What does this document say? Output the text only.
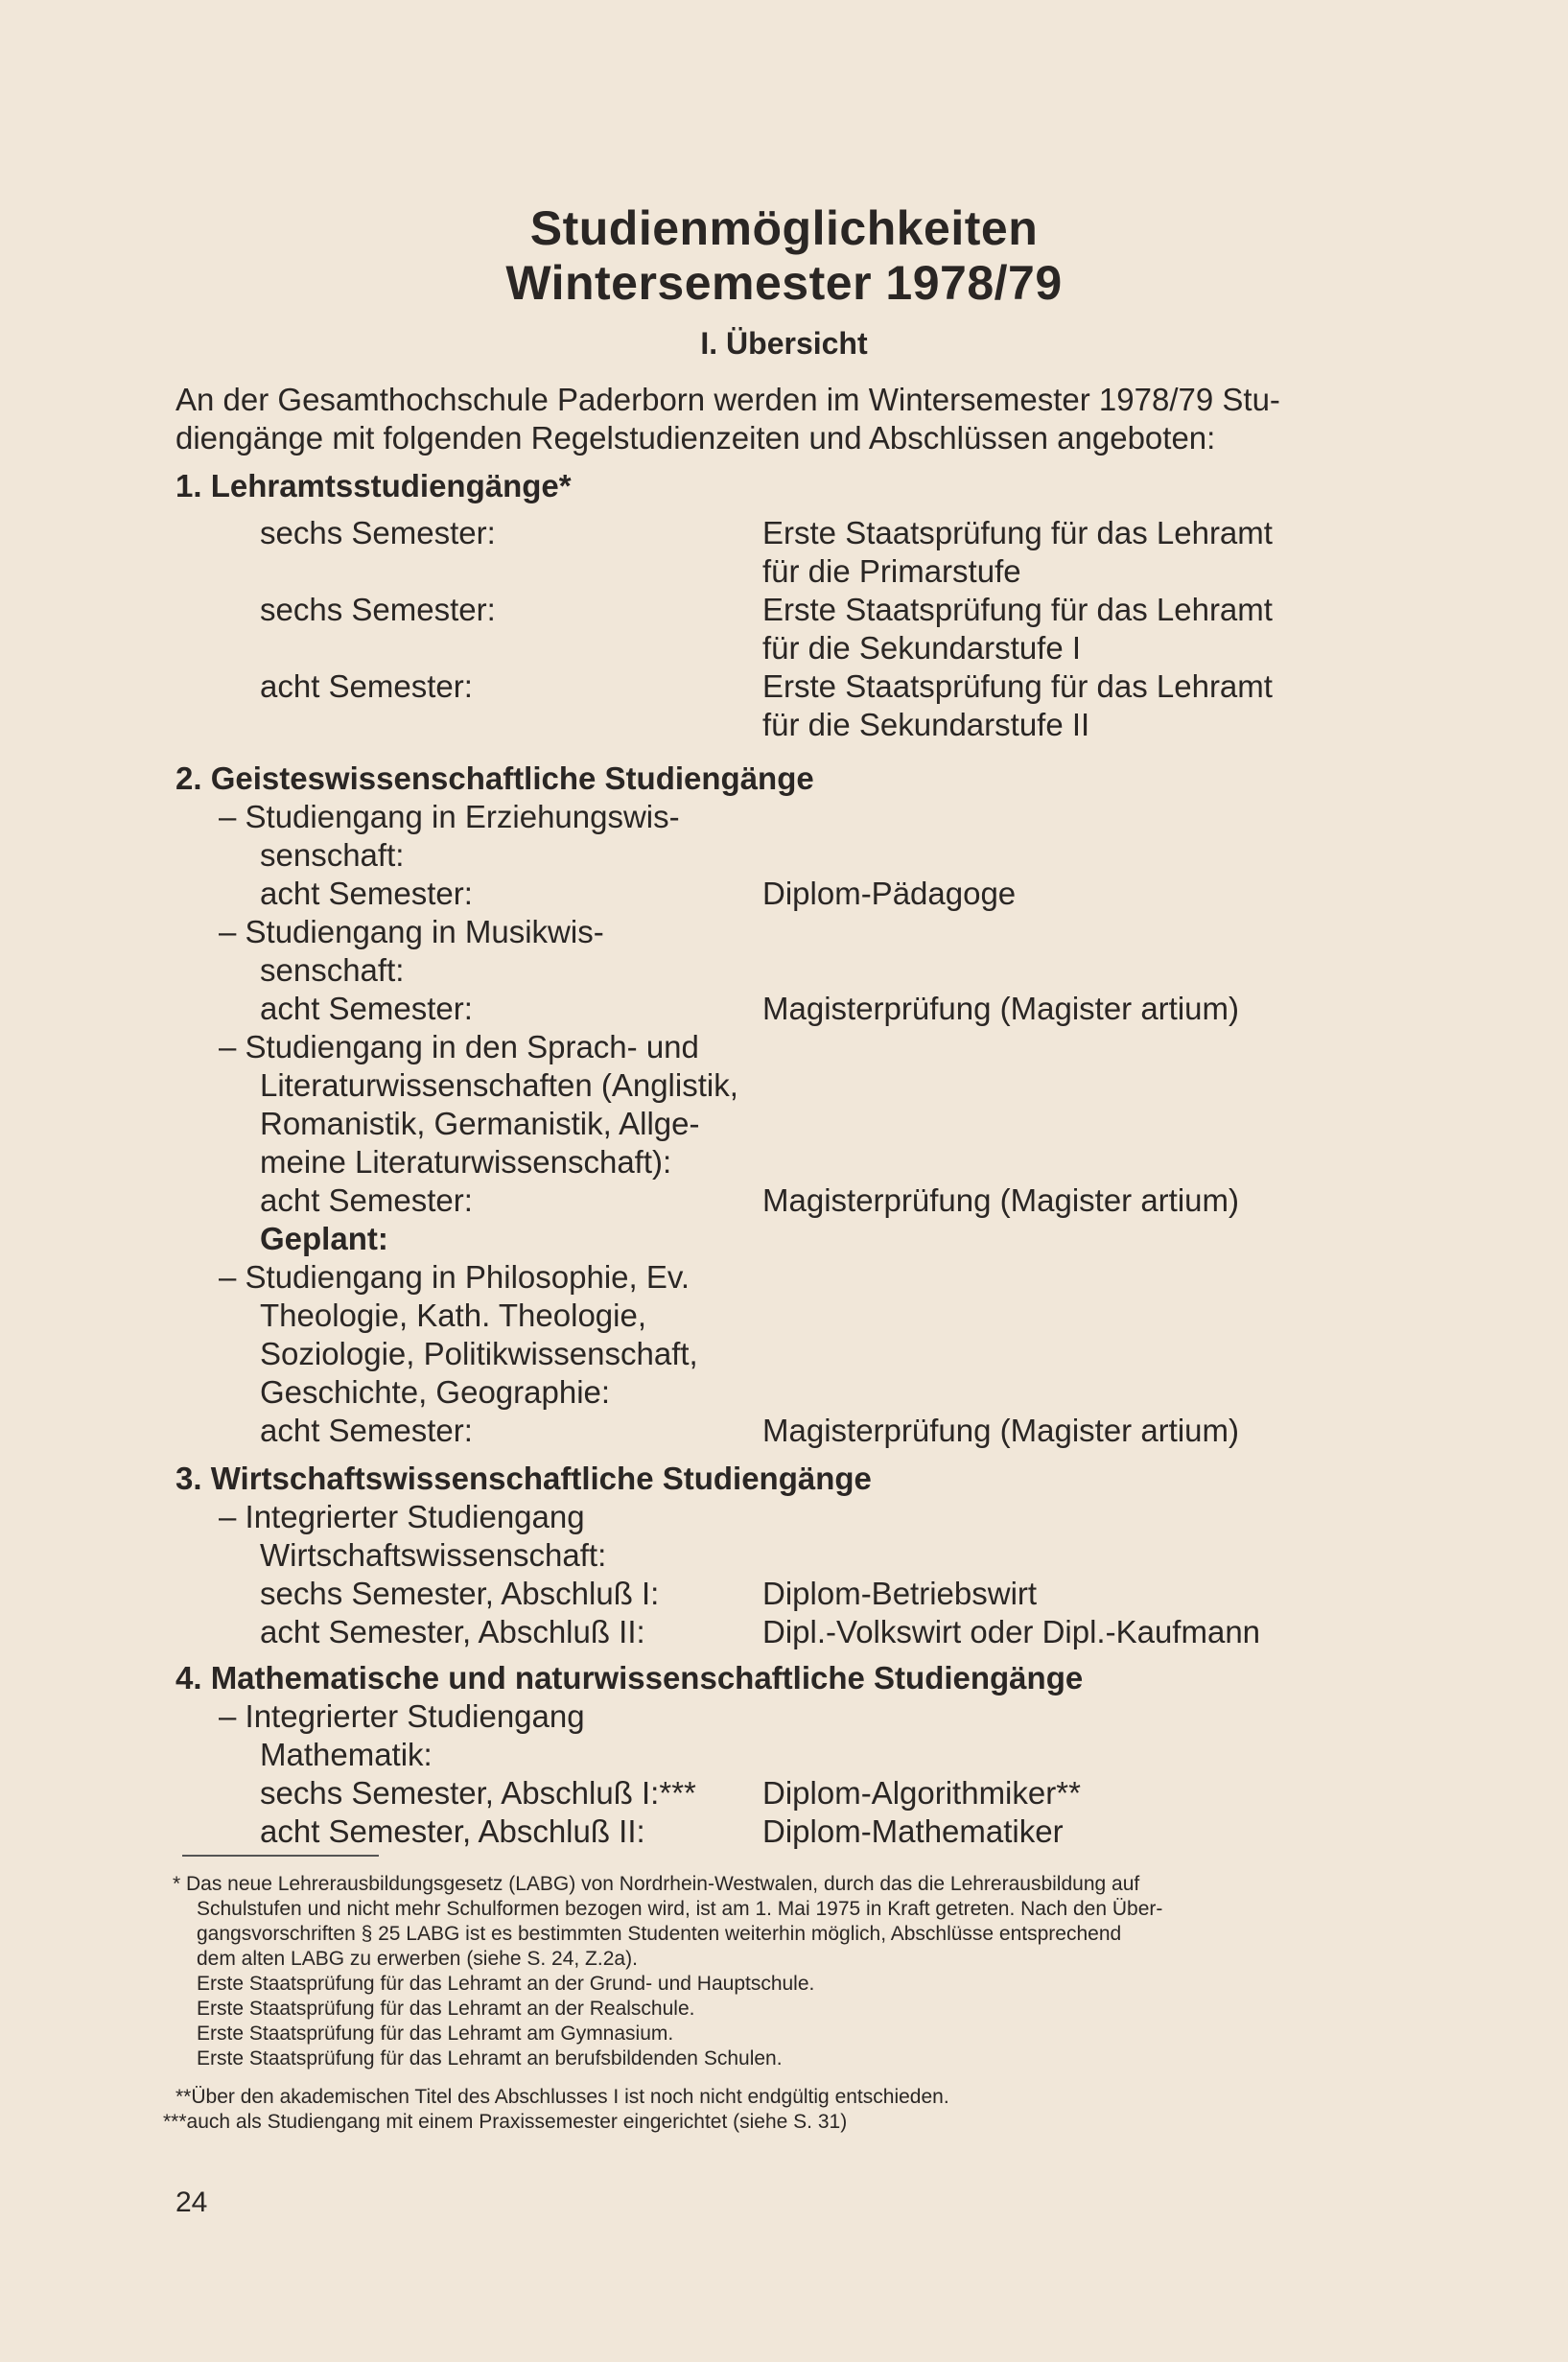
Studienmöglichkeiten
Wintersemester 1978/79
I. Übersicht
An der Gesamthochschule Paderborn werden im Wintersemester 1978/79 Stu-
diengänge mit folgenden Regelstudienzeiten und Abschlüssen angeboten:
1. Lehramtsstudiengänge*
sechs Semester:	Erste Staatsprüfung für das Lehramt
für die Primarstufe
sechs Semester:	Erste Staatsprüfung für das Lehramt
für die Sekundarstufe I
acht Semester:	Erste Staatsprüfung für das Lehramt
für die Sekundarstufe II
2. Geisteswissenschaftliche Studiengänge
– Studiengang in Erziehungswis-
senschaft:
acht Semester:	Diplom-Pädagoge
– Studiengang in Musikwis-
senschaft:
acht Semester:	Magisterprüfung (Magister artium)
– Studiengang in den Sprach- und
Literaturwissenschaften (Anglistik,
Romanistik, Germanistik, Allge-
meine Literaturwissenschaft):
acht Semester:	Magisterprüfung (Magister artium)
Geplant:
– Studiengang in Philosophie, Ev.
Theologie, Kath. Theologie,
Soziologie, Politikwissenschaft,
Geschichte, Geographie:
acht Semester:	Magisterprüfung (Magister artium)
3. Wirtschaftswissenschaftliche Studiengänge
– Integrierter Studiengang
Wirtschaftswissenschaft:
sechs Semester, Abschluß I:	Diplom-Betriebswirt
acht Semester, Abschluß II:	Dipl.-Volkswirt oder Dipl.-Kaufmann
4. Mathematische und naturwissenschaftliche Studiengänge
– Integrierter Studiengang
Mathematik:
sechs Semester, Abschluß I:*** Diplom-Algorithmiker**
acht Semester, Abschluß II:	Diplom-Mathematiker
* Das neue Lehrerausbildungsgesetz (LABG) von Nordrhein-Westwalen, durch das die Lehrerausbildung auf
Schulstufen und nicht mehr Schulformen bezogen wird, ist am 1. Mai 1975 in Kraft getreten. Nach den Über-
gangsvorschriften § 25 LABG ist es bestimmten Studenten weiterhin möglich, Abschlüsse entsprechend
dem alten LABG zu erwerben (siehe S. 24, Z.2a).
Erste Staatsprüfung für das Lehramt an der Grund- und Hauptschule.
Erste Staatsprüfung für das Lehramt an der Realschule.
Erste Staatsprüfung für das Lehramt am Gymnasium.
Erste Staatsprüfung für das Lehramt an berufsbildenden Schulen.
**Über den akademischen Titel des Abschlusses I ist noch nicht endgültig entschieden.
***auch als Studiengang mit einem Praxissemester eingerichtet (siehe S. 31)
24
